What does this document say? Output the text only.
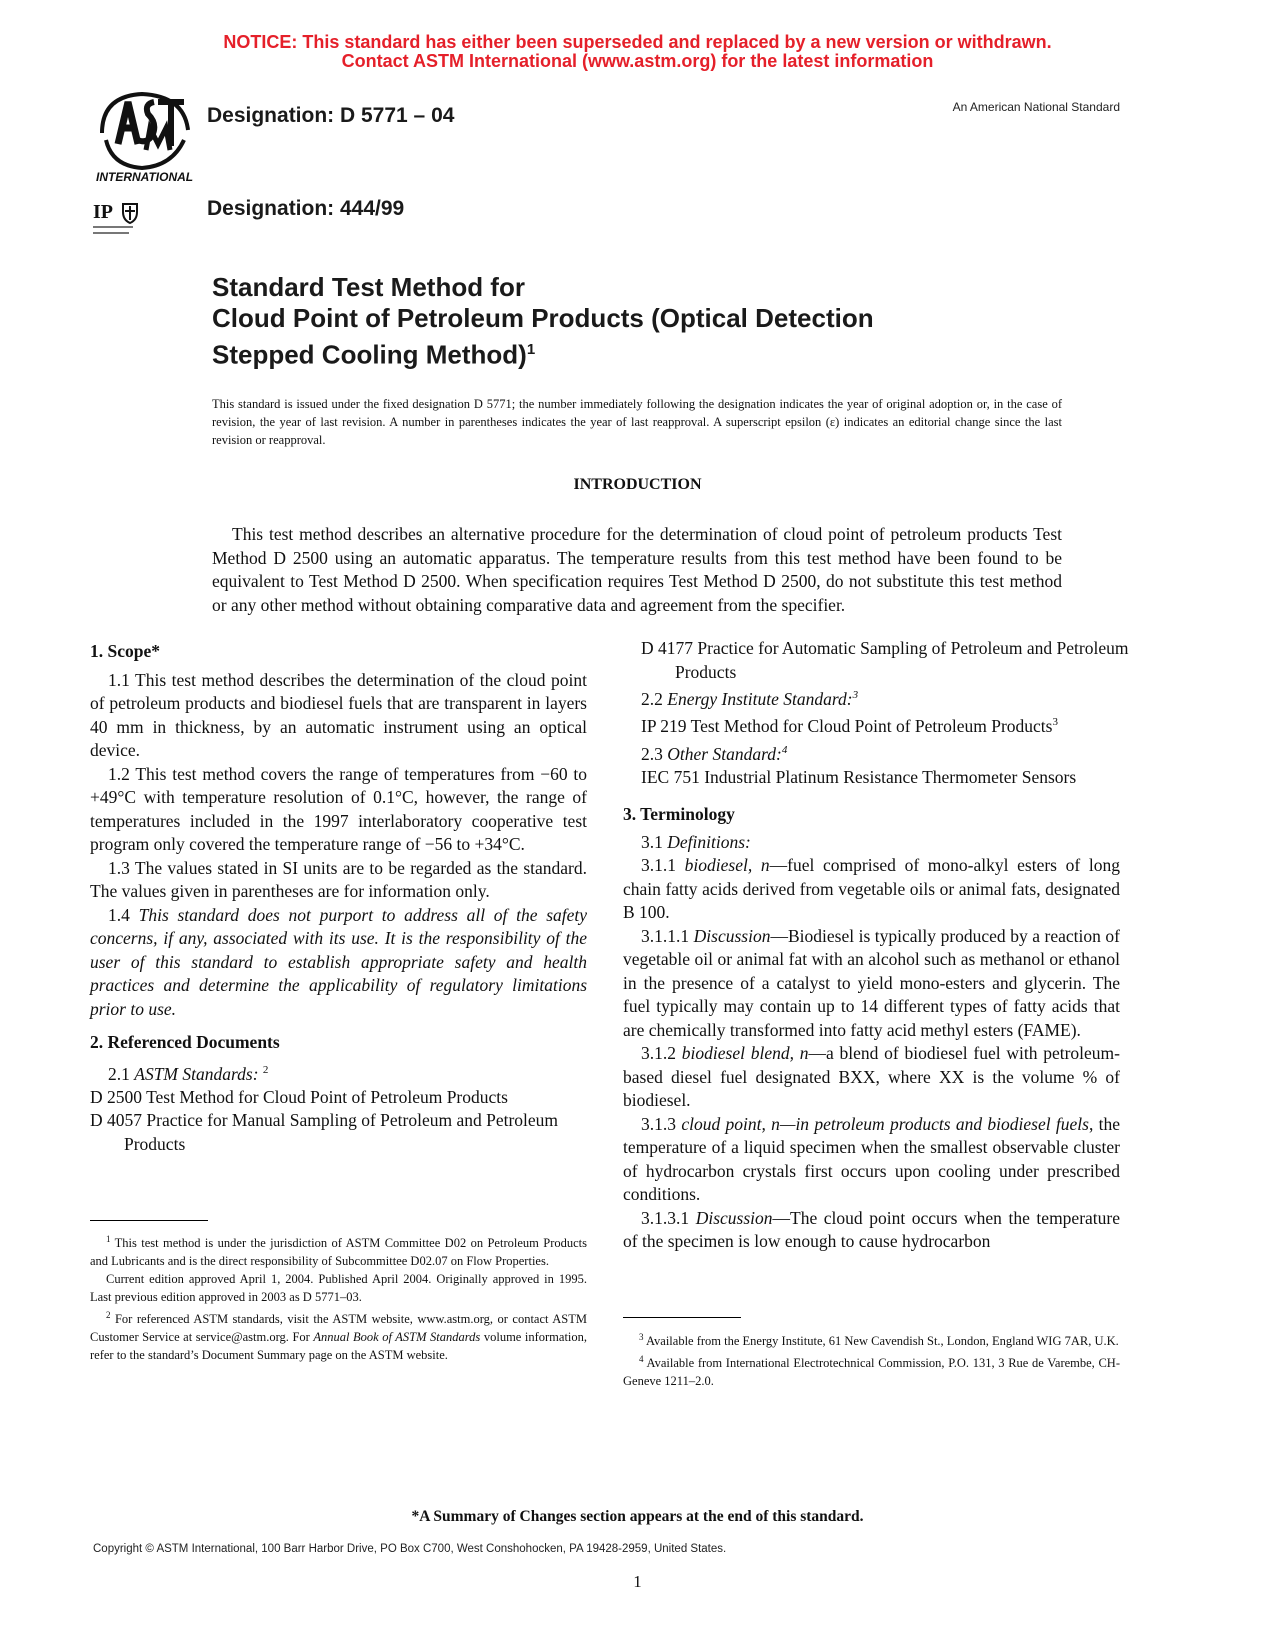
NOTICE: This standard has either been superseded and replaced by a new version or withdrawn.
Contact ASTM International (www.astm.org) for the latest information
INTERNATIONAL
IP
Designation: D 5771 – 04
Designation: 444/99
An American National Standard
Standard Test Method for
Cloud Point of Petroleum Products (Optical Detection
Stepped Cooling Method)$^1$

This standard is issued under the fixed designation D 5771; the number immediately following the designation indicates the year of original adoption or, in the case of revision, the year of last revision. A number in parentheses indicates the year of last reapproval. A superscript epsilon (ε) indicates an editorial change since the last revision or reapproval.

INTRODUCTION

This test method describes an alternative procedure for the determination of cloud point of petroleum products Test Method D 2500 using an automatic apparatus. The temperature results from this test method have been found to be equivalent to Test Method D 2500. When specification requires Test Method D 2500, do not substitute this test method or any other method without obtaining comparative data and agreement from the specifier.

1. Scope*

1.1 This test method describes the determination of the cloud point of petroleum products and biodiesel fuels that are transparent in layers 40 mm in thickness, by an automatic instrument using an optical device.

1.2 This test method covers the range of temperatures from −60 to +49°C with temperature resolution of 0.1°C, however, the range of temperatures included in the 1997 interlaboratory cooperative test program only covered the temperature range of −56 to +34°C.

1.3 The values stated in SI units are to be regarded as the standard. The values given in parentheses are for information only.

1.4 This standard does not purport to address all of the safety concerns, if any, associated with its use. It is the responsibility of the user of this standard to establish appropriate safety and health practices and determine the applicability of regulatory limitations prior to use.

2. Referenced Documents

2.1 ASTM Standards: $^2$

D 2500 Test Method for Cloud Point of Petroleum Products

D 4057 Practice for Manual Sampling of Petroleum and Petroleum Products

$^1$ This test method is under the jurisdiction of ASTM Committee D02 on Petroleum Products and Lubricants and is the direct responsibility of Subcommittee D02.07 on Flow Properties.

Current edition approved April 1, 2004. Published April 2004. Originally approved in 1995. Last previous edition approved in 2003 as D 5771–03.

$^2$ For referenced ASTM standards, visit the ASTM website, www.astm.org, or contact ASTM Customer Service at service@astm.org. For Annual Book of ASTM Standards volume information, refer to the standard’s Document Summary page on the ASTM website.

D 4177 Practice for Automatic Sampling of Petroleum and Petroleum Products

2.2 Energy Institute Standard:$^3$

IP 219 Test Method for Cloud Point of Petroleum Products$^3$

2.3 Other Standard:$^4$

IEC 751 Industrial Platinum Resistance Thermometer Sensors

3. Terminology

3.1 Definitions:

3.1.1 biodiesel, n—fuel comprised of mono-alkyl esters of long chain fatty acids derived from vegetable oils or animal fats, designated B 100.

3.1.1.1 Discussion—Biodiesel is typically produced by a reaction of vegetable oil or animal fat with an alcohol such as methanol or ethanol in the presence of a catalyst to yield mono-esters and glycerin. The fuel typically may contain up to 14 different types of fatty acids that are chemically transformed into fatty acid methyl esters (FAME).

3.1.2 biodiesel blend, n—a blend of biodiesel fuel with petroleum-based diesel fuel designated BXX, where XX is the volume % of biodiesel.

3.1.3 cloud point, n—in petroleum products and biodiesel fuels, the temperature of a liquid specimen when the smallest observable cluster of hydrocarbon crystals first occurs upon cooling under prescribed conditions.

3.1.3.1 Discussion—The cloud point occurs when the temperature of the specimen is low enough to cause hydrocarbon

$^3$ Available from the Energy Institute, 61 New Cavendish St., London, England WIG 7AR, U.K.

$^4$ Available from International Electrotechnical Commission, P.O. 131, 3 Rue de Varembe, CH-Geneve 1211–2.0.

*A Summary of Changes section appears at the end of this standard.
Copyright © ASTM International, 100 Barr Harbor Drive, PO Box C700, West Conshohocken, PA 19428-2959, United States.
1
